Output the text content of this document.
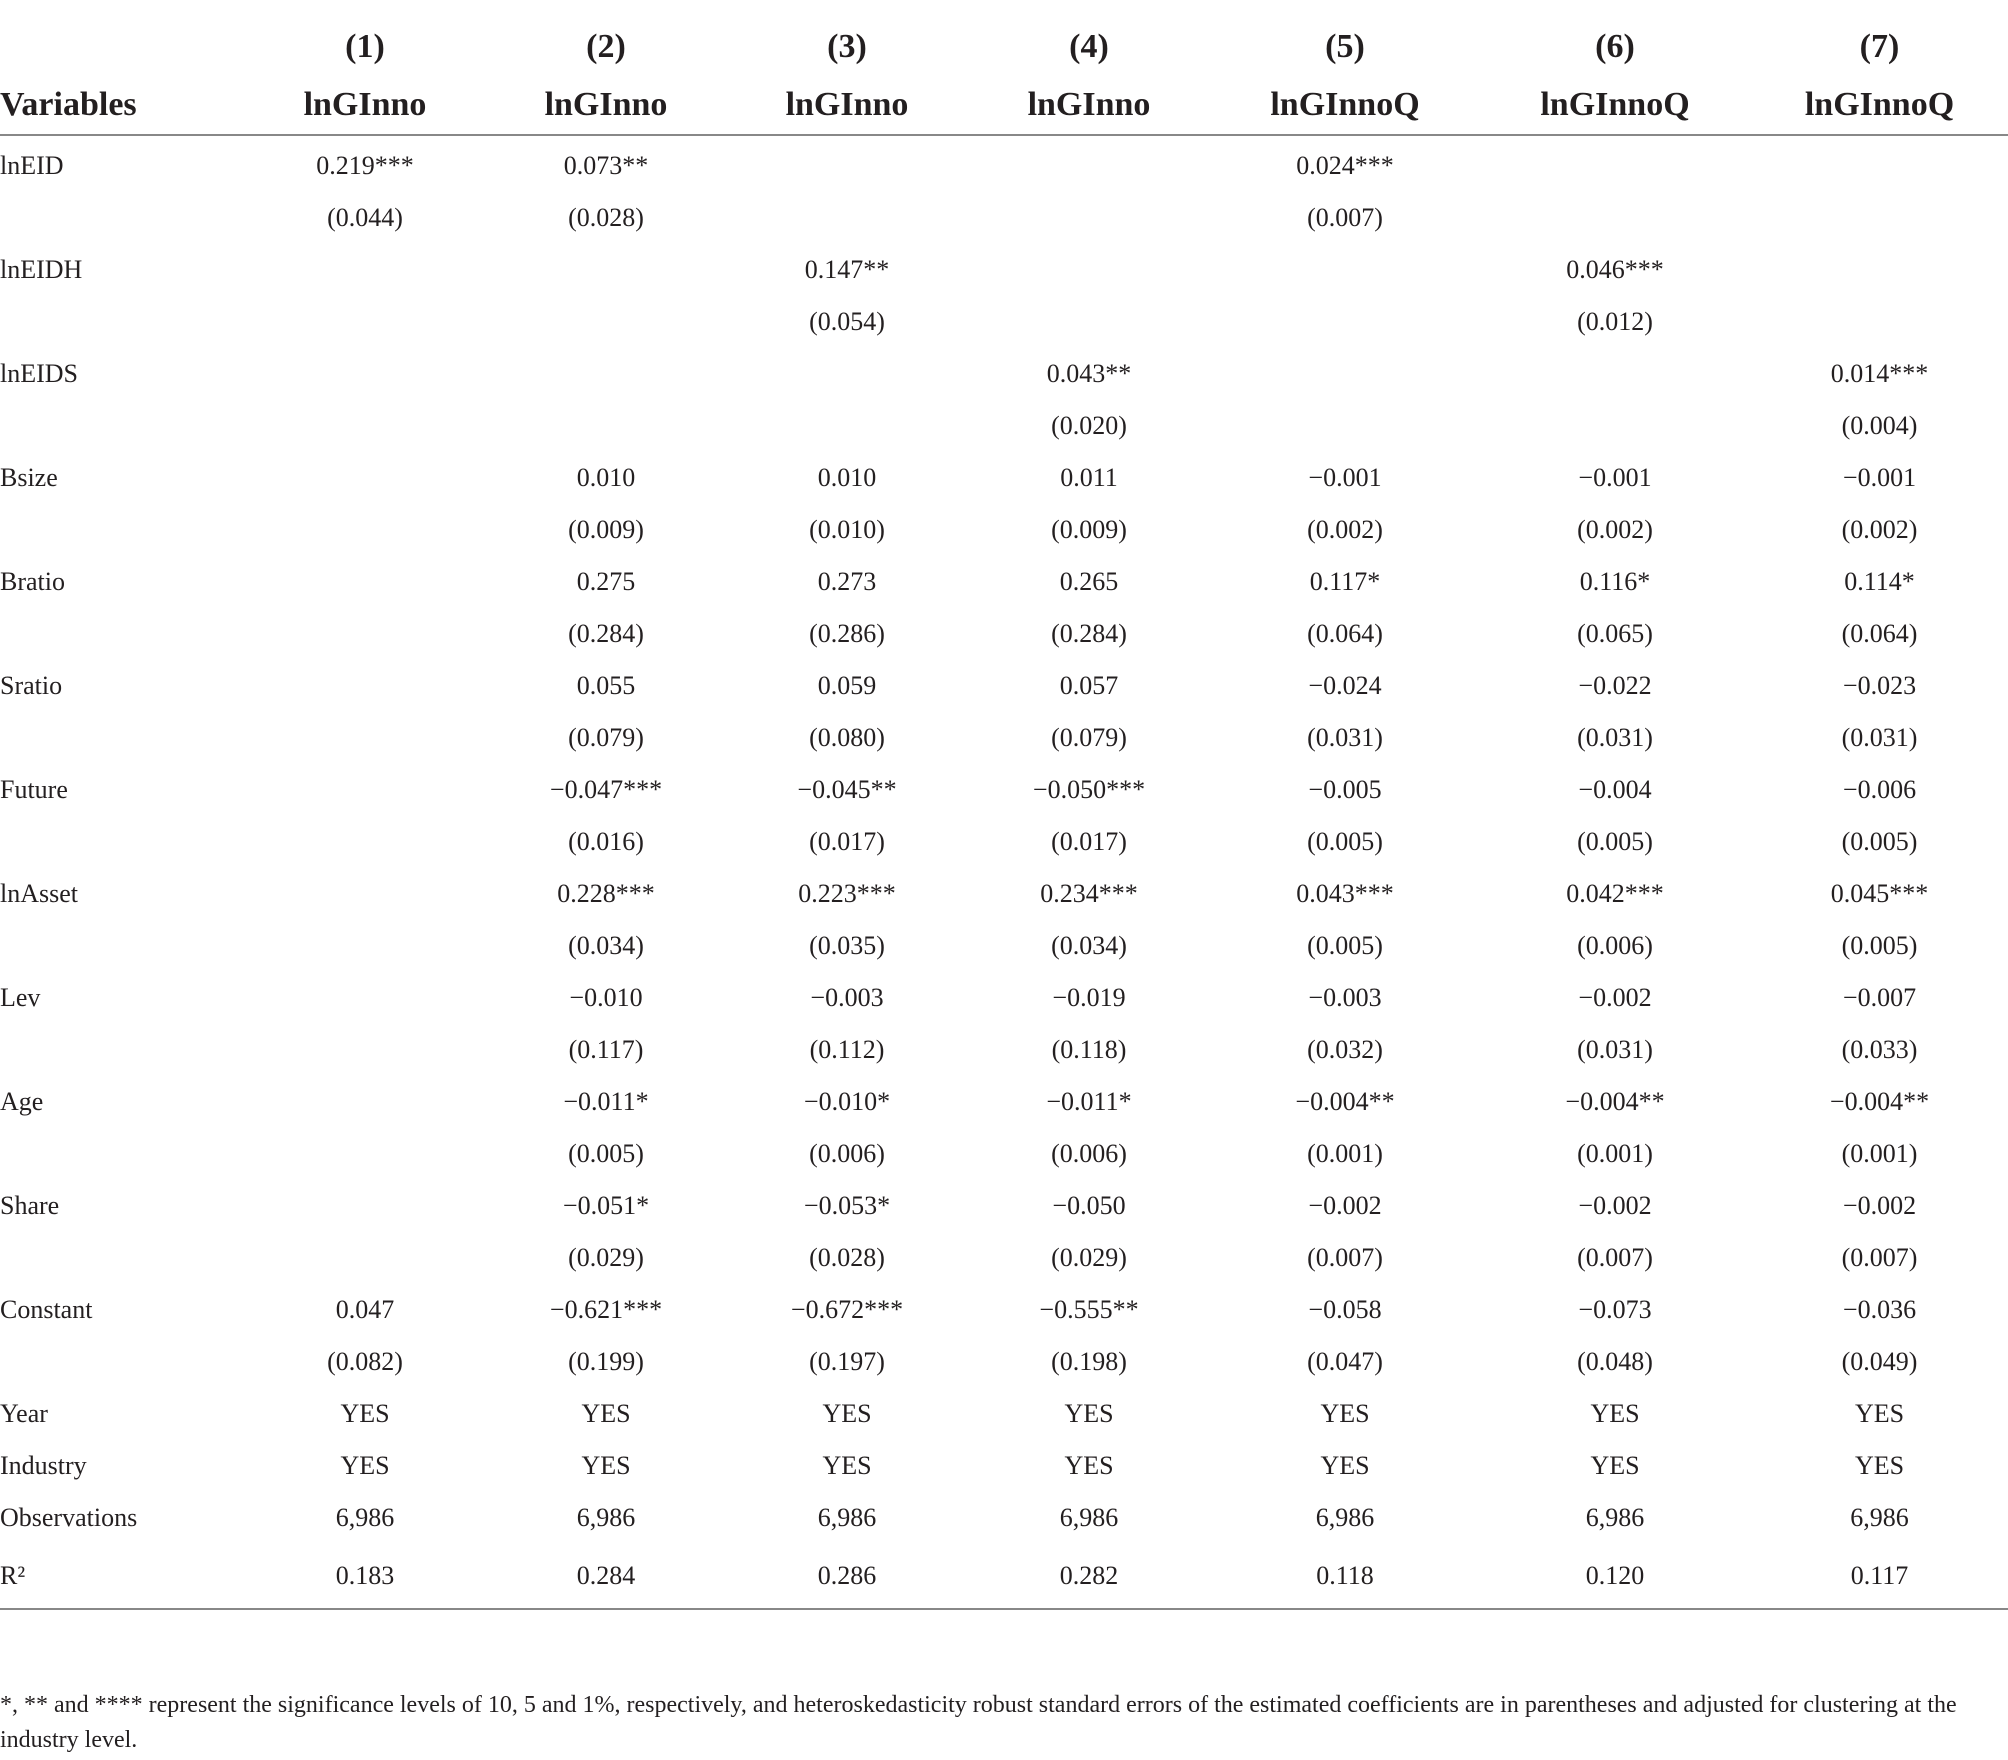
	(1)	(2)	(3)	(4)	(5)	(6)	(7)
Variables	lnGInno	lnGInno	lnGInno	lnGInno	lnGInnoQ	lnGInnoQ	lnGInnoQ
lnEID	0.219***	0.073**			0.024***		
	(0.044)	(0.028)			(0.007)		
lnEIDH			0.147**			0.046***	
			(0.054)			(0.012)	
lnEIDS				0.043**			0.014***
				(0.020)			(0.004)
Bsize		0.010	0.010	0.011	−0.001	−0.001	−0.001
		(0.009)	(0.010)	(0.009)	(0.002)	(0.002)	(0.002)
Bratio		0.275	0.273	0.265	0.117*	0.116*	0.114*
		(0.284)	(0.286)	(0.284)	(0.064)	(0.065)	(0.064)
Sratio		0.055	0.059	0.057	−0.024	−0.022	−0.023
		(0.079)	(0.080)	(0.079)	(0.031)	(0.031)	(0.031)
Future		−0.047***	−0.045**	−0.050***	−0.005	−0.004	−0.006
		(0.016)	(0.017)	(0.017)	(0.005)	(0.005)	(0.005)
lnAsset		0.228***	0.223***	0.234***	0.043***	0.042***	0.045***
		(0.034)	(0.035)	(0.034)	(0.005)	(0.006)	(0.005)
Lev		−0.010	−0.003	−0.019	−0.003	−0.002	−0.007
		(0.117)	(0.112)	(0.118)	(0.032)	(0.031)	(0.033)
Age		−0.011*	−0.010*	−0.011*	−0.004**	−0.004**	−0.004**
		(0.005)	(0.006)	(0.006)	(0.001)	(0.001)	(0.001)
Share		−0.051*	−0.053*	−0.050	−0.002	−0.002	−0.002
		(0.029)	(0.028)	(0.029)	(0.007)	(0.007)	(0.007)
Constant	0.047	−0.621***	−0.672***	−0.555**	−0.058	−0.073	−0.036
	(0.082)	(0.199)	(0.197)	(0.198)	(0.047)	(0.048)	(0.049)
Year	YES	YES	YES	YES	YES	YES	YES
Industry	YES	YES	YES	YES	YES	YES	YES
Observations	6,986	6,986	6,986	6,986	6,986	6,986	6,986
R²	0.183	0.284	0.286	0.282	0.118	0.120	0.117
*, ** and **** represent the significance levels of 10, 5 and 1%, respectively, and heteroskedasticity robust standard errors of the estimated coefficients are in parentheses and adjusted for clustering at the industry level.
